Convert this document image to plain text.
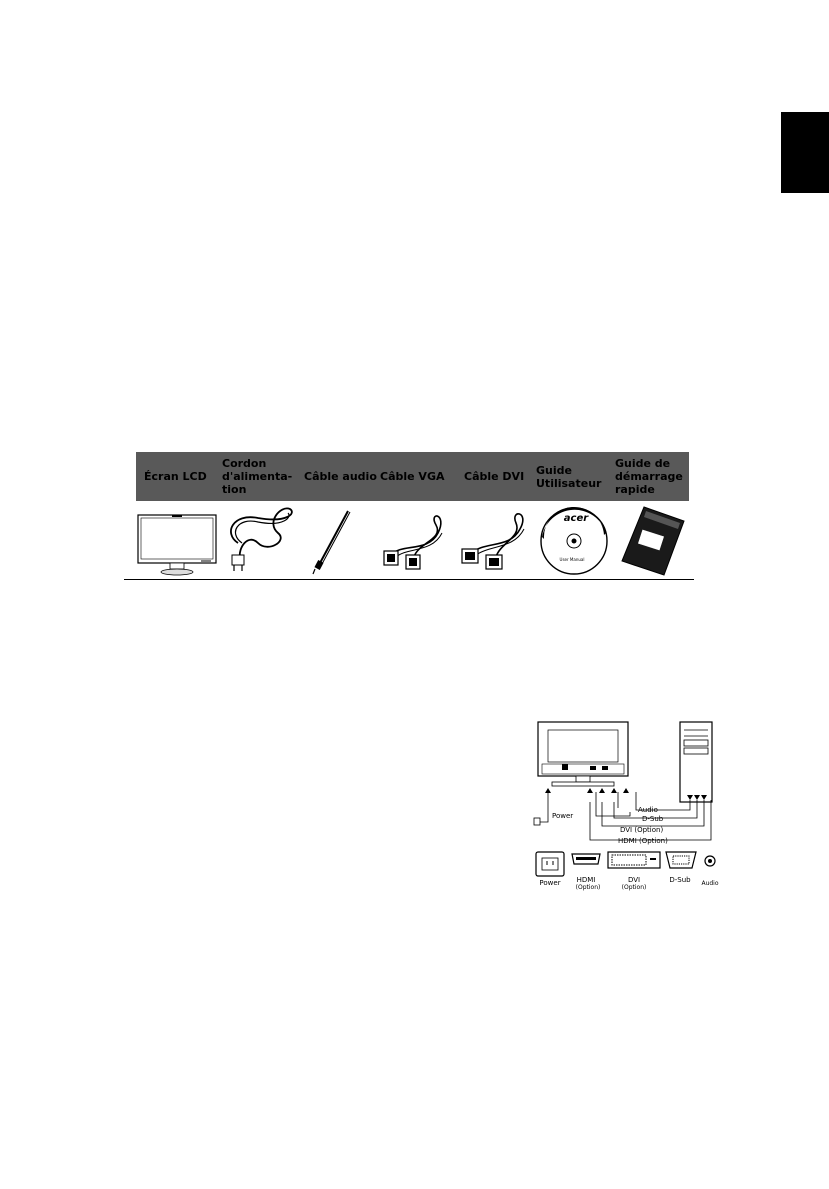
Écran LCD
Cordon d'alimenta- tion
Câble audio Câble VGA Câble DVI Guide Utilisateur
Guide de démarrage rapide
acer
User Manual
acer
Power
Audio
D-Sub
DVI (Option)
HDMI (Option)
Power HDMI
(Option)
DVI
(Option)
D-Sub Audio
